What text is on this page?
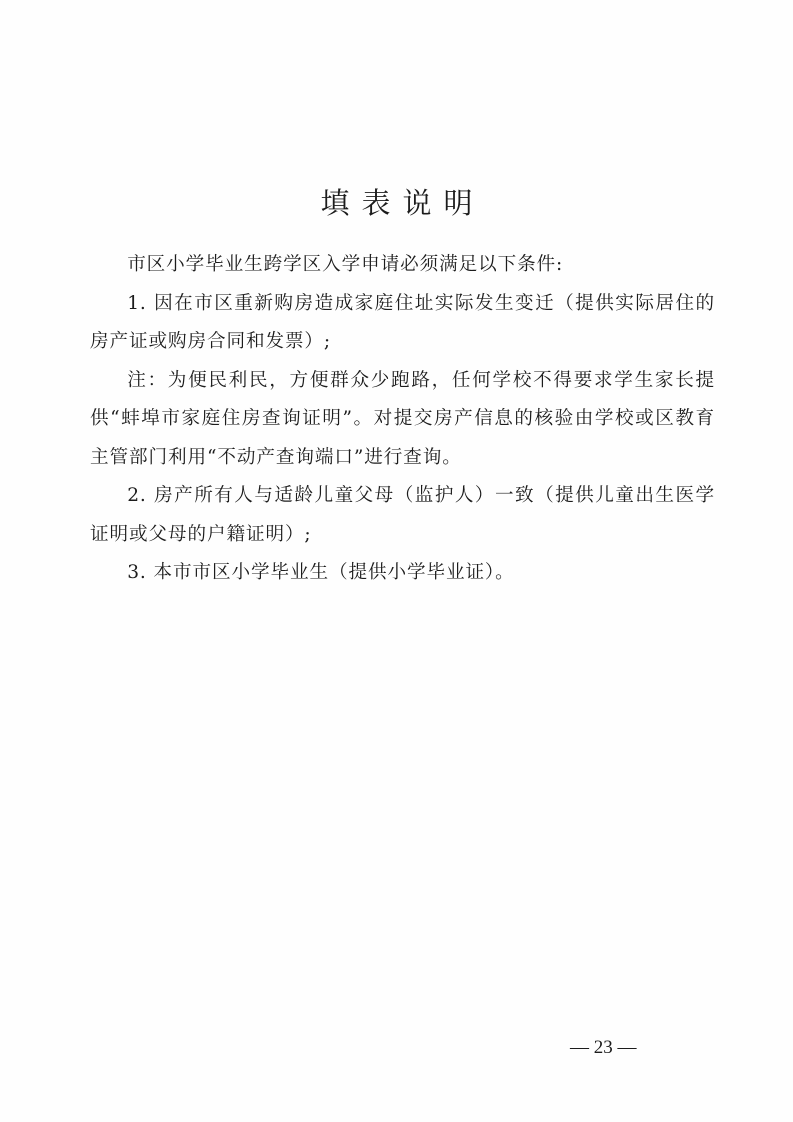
填表说明

市区小学毕业生跨学区入学申请必须满足以下条件:

1. 因在市区重新购房造成家庭住址实际发生变迁（提供实际居住的房产证或购房合同和发票）;

注：为便民利民，方便群众少跑路，任何学校不得要求学生家长提供“蚌埠市家庭住房查询证明”。对提交房产信息的核验由学校或区教育主管部门利用“不动产查询端口”进行查询。

2. 房产所有人与适龄儿童父母（监护人）一致（提供儿童出生医学证明或父母的户籍证明）;

3. 本市市区小学毕业生（提供小学毕业证）。

— 23 —
